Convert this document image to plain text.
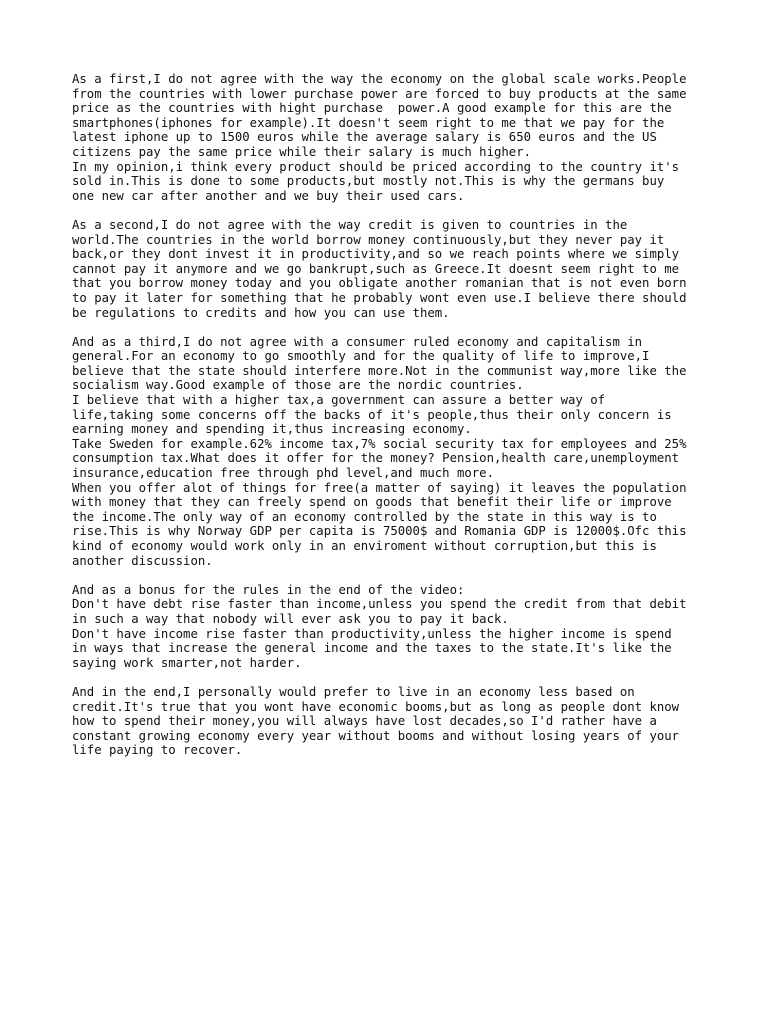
As a first,I do not agree with the way the economy on the global scale works.People
from the countries with lower purchase power are forced to buy products at the same
price as the countries with hight purchase  power.A good example for this are the
smartphones(iphones for example).It doesn't seem right to me that we pay for the
latest iphone up to 1500 euros while the average salary is 650 euros and the US
citizens pay the same price while their salary is much higher.
In my opinion,i think every product should be priced according to the country it's
sold in.This is done to some products,but mostly not.This is why the germans buy
one new car after another and we buy their used cars.
As a second,I do not agree with the way credit is given to countries in the
world.The countries in the world borrow money continuously,but they never pay it
back,or they dont invest it in productivity,and so we reach points where we simply
cannot pay it anymore and we go bankrupt,such as Greece.It doesnt seem right to me
that you borrow money today and you obligate another romanian that is not even born
to pay it later for something that he probably wont even use.I believe there should
be regulations to credits and how you can use them.
And as a third,I do not agree with a consumer ruled economy and capitalism in
general.For an economy to go smoothly and for the quality of life to improve,I
believe that the state should interfere more.Not in the communist way,more like the
socialism way.Good example of those are the nordic countries.
I believe that with a higher tax,a government can assure a better way of
life,taking some concerns off the backs of it's people,thus their only concern is
earning money and spending it,thus increasing economy.
Take Sweden for example.62% income tax,7% social security tax for employees and 25%
consumption tax.What does it offer for the money? Pension,health care,unemployment
insurance,education free through phd level,and much more.
When you offer alot of things for free(a matter of saying) it leaves the population
with money that they can freely spend on goods that benefit their life or improve
the income.The only way of an economy controlled by the state in this way is to
rise.This is why Norway GDP per capita is 75000$ and Romania GDP is 12000$.Ofc this
kind of economy would work only in an enviroment without corruption,but this is
another discussion.
And as a bonus for the rules in the end of the video:
Don't have debt rise faster than income,unless you spend the credit from that debit
in such a way that nobody will ever ask you to pay it back.
Don't have income rise faster than productivity,unless the higher income is spend
in ways that increase the general income and the taxes to the state.It's like the
saying work smarter,not harder.
And in the end,I personally would prefer to live in an economy less based on
credit.It's true that you wont have economic booms,but as long as people dont know
how to spend their money,you will always have lost decades,so I'd rather have a
constant growing economy every year without booms and without losing years of your
life paying to recover.
